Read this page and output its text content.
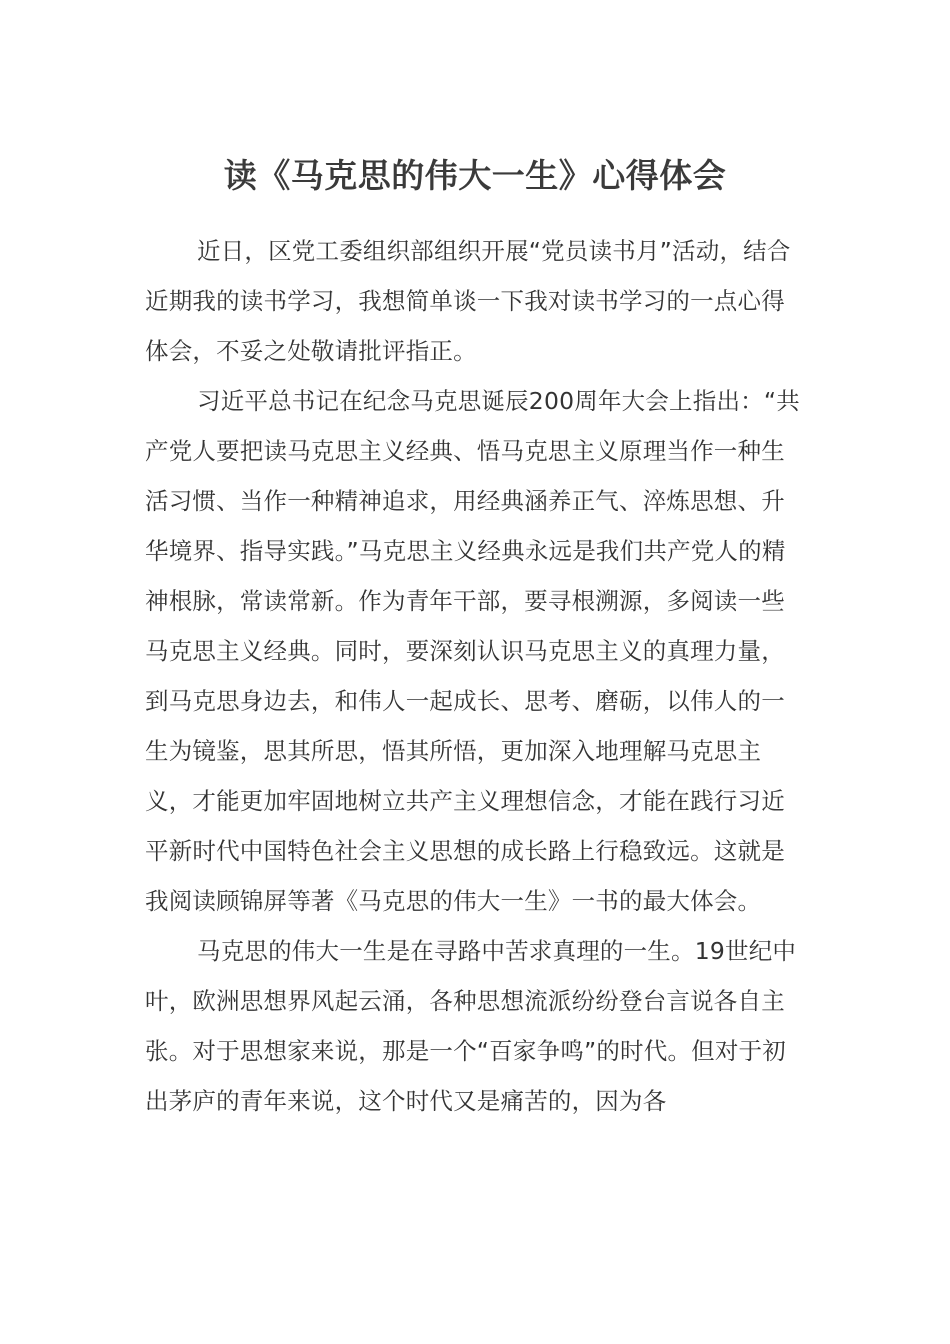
读《马克思的伟大一生》心得体会

近日，区党工委组织部组织开展“党员读书月”活动，结合近期我的读书学习，我想简单谈一下我对读书学习的一点心得体会，不妥之处敬请批评指正。

习近平总书记在纪念马克思诞辰200周年大会上指出：“共产党人要把读马克思主义经典、悟马克思主义原理当作一种生活习惯、当作一种精神追求，用经典涵养正气、淬炼思想、升华境界、指导实践。”马克思主义经典永远是我们共产党人的精神根脉，常读常新。作为青年干部，要寻根溯源，多阅读一些马克思主义经典。同时，要深刻认识马克思主义的真理力量，到马克思身边去，和伟人一起成长、思考、磨砺，以伟人的一生为镜鉴，思其所思，悟其所悟，更加深入地理解马克思主义，才能更加牢固地树立共产主义理想信念，才能在践行习近平新时代中国特色社会主义思想的成长路上行稳致远。这就是我阅读顾锦屏等著《马克思的伟大一生》一书的最大体会。

马克思的伟大一生是在寻路中苦求真理的一生。19世纪中叶，欧洲思想界风起云涌，各种思想流派纷纷登台言说各自主张。对于思想家来说，那是一个“百家争鸣”的时代。但对于初出茅庐的青年来说，这个时代又是痛苦的，因为各
